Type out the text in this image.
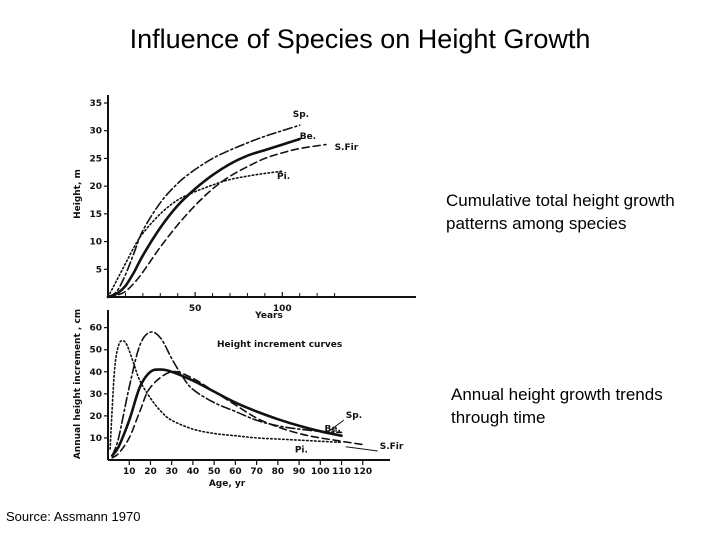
Influence of Species on Height Growth
50	100
5
10
15
20
25
30
35
Years
Height, m
Sp.
Be.
S.Fir
Pi.
10 20 30 40 50 60 70 80 90 100 110 120
10
20
30
40
50
60
Age, yr
Annual height increment , cm	Height increment curves
Sp.
Be.
S.Fir
Pi.
Cumulative total height growth patterns among species
Annual height growth trends through time
Source: Assmann 1970
